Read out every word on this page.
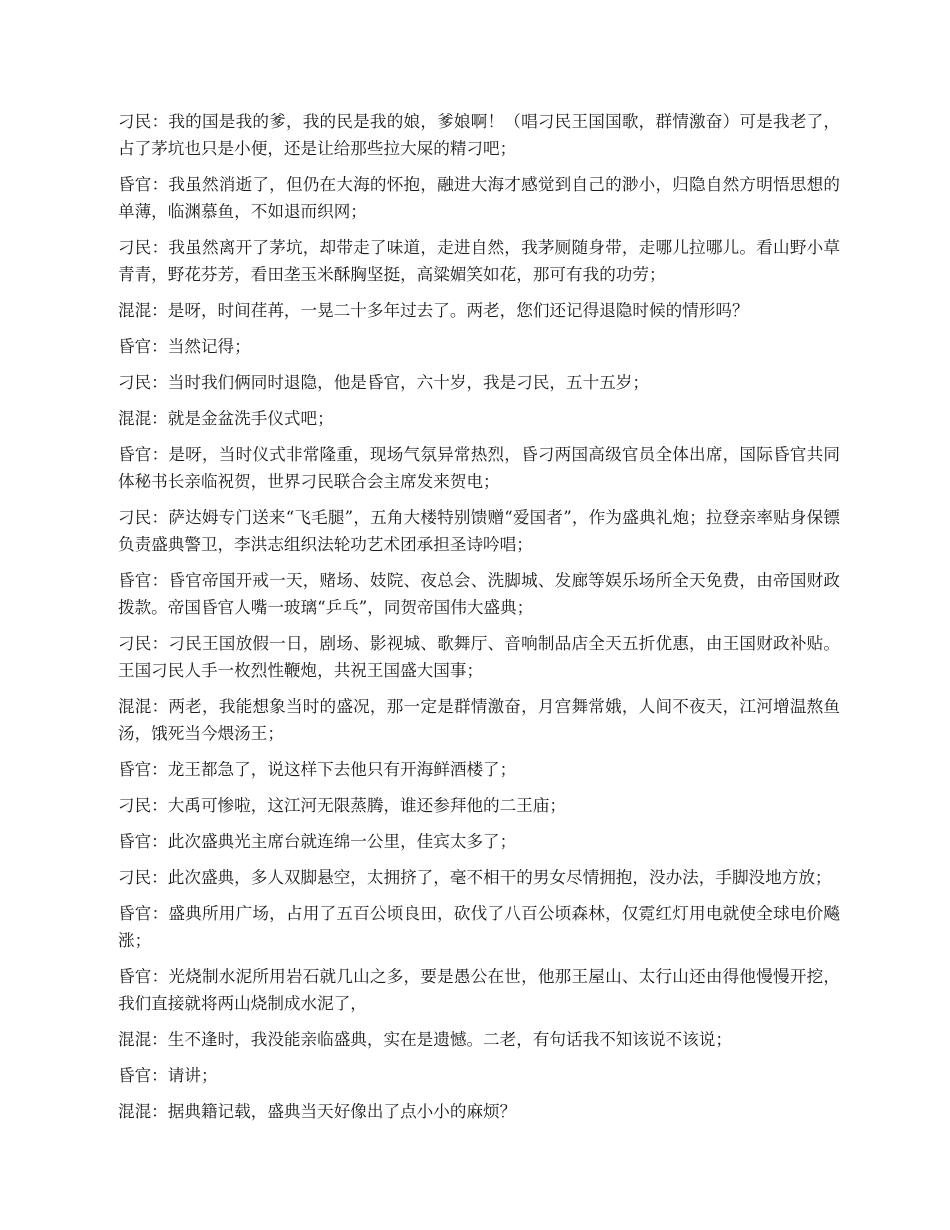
刁民：我的国是我的爹，我的民是我的娘，爹娘啊！（唱刁民王国国歌，群情激奋）可是我老了，占了茅坑也只是小便，还是让给那些拉大屎的精刁吧；

昏官：我虽然消逝了，但仍在大海的怀抱，融进大海才感觉到自己的渺小，归隐自然方明悟思想的单薄，临渊慕鱼，不如退而织网；

刁民：我虽然离开了茅坑，却带走了味道，走进自然，我茅厕随身带，走哪儿拉哪儿。看山野小草青青，野花芬芳，看田垄玉米酥胸坚挺，高粱媚笑如花，那可有我的功劳；

混混：是呀，时间荏苒，一晃二十多年过去了。两老，您们还记得退隐时候的情形吗？

昏官：当然记得；

刁民：当时我们俩同时退隐，他是昏官，六十岁，我是刁民，五十五岁；

混混：就是金盆洗手仪式吧；

昏官：是呀，当时仪式非常隆重，现场气氛异常热烈，昏刁两国高级官员全体出席，国际昏官共同体秘书长亲临祝贺，世界刁民联合会主席发来贺电；

刁民：萨达姆专门送来“飞毛腿”，五角大楼特别馈赠“爱国者”，作为盛典礼炮；拉登亲率贴身保镖负责盛典警卫，李洪志组织法轮功艺术团承担圣诗吟唱；

昏官：昏官帝国开戒一天，赌场、妓院、夜总会、洗脚城、发廊等娱乐场所全天免费，由帝国财政拨款。帝国昏官人嘴一玻璃“乒乓”，同贺帝国伟大盛典；

刁民：刁民王国放假一日，剧场、影视城、歌舞厅、音响制品店全天五折优惠，由王国财政补贴。王国刁民人手一枚烈性鞭炮，共祝王国盛大国事；

混混：两老，我能想象当时的盛况，那一定是群情激奋，月宫舞常娥，人间不夜天，江河增温熬鱼汤，饿死当今煨汤王；

昏官：龙王都急了，说这样下去他只有开海鲜酒楼了；

刁民：大禹可惨啦，这江河无限蒸腾，谁还参拜他的二王庙；

昏官：此次盛典光主席台就连绵一公里，佳宾太多了；

刁民：此次盛典，多人双脚悬空，太拥挤了，毫不相干的男女尽情拥抱，没办法，手脚没地方放；

昏官：盛典所用广场，占用了五百公顷良田，砍伐了八百公顷森林，仅霓红灯用电就使全球电价飚涨；

昏官：光烧制水泥所用岩石就几山之多，要是愚公在世，他那王屋山、太行山还由得他慢慢开挖，我们直接就将两山烧制成水泥了，

混混：生不逢时，我没能亲临盛典，实在是遗憾。二老，有句话我不知该说不该说；

昏官：请讲；

混混：据典籍记载，盛典当天好像出了点小小的麻烦？
